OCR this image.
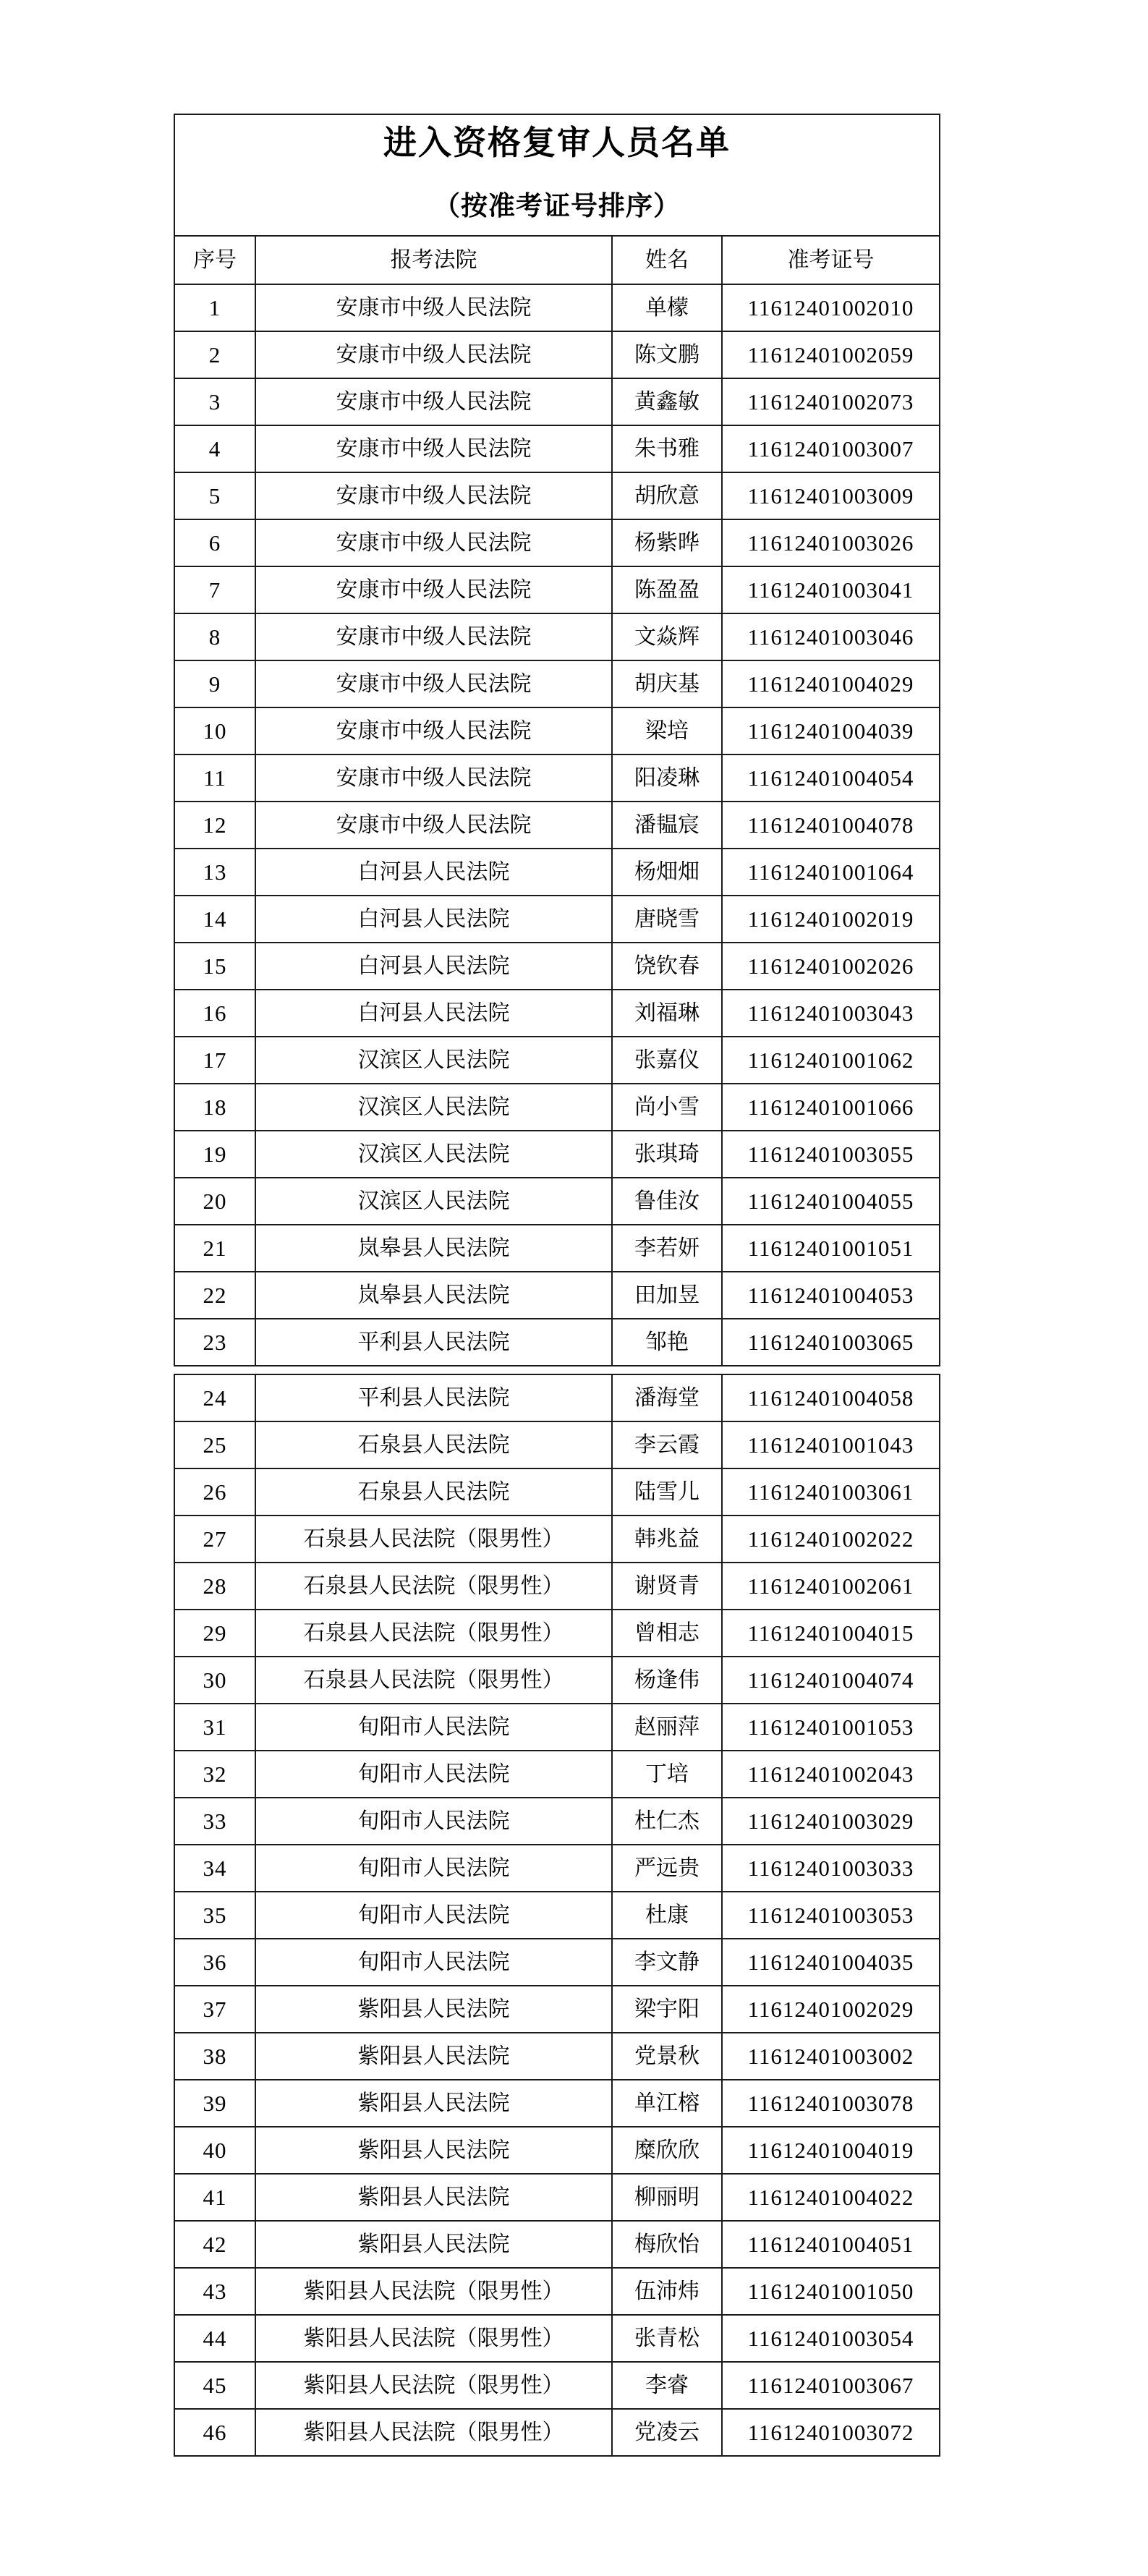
进入资格复审人员名单
（按准考证号排序）
序号	报考法院	姓名	准考证号
1	安康市中级人民法院	单檬	11612401002010
2	安康市中级人民法院	陈文鹏	11612401002059
3	安康市中级人民法院	黄鑫敏	11612401002073
4	安康市中级人民法院	朱书雅	11612401003007
5	安康市中级人民法院	胡欣意	11612401003009
6	安康市中级人民法院	杨紫晔	11612401003026
7	安康市中级人民法院	陈盈盈	11612401003041
8	安康市中级人民法院	文焱辉	11612401003046
9	安康市中级人民法院	胡庆基	11612401004029
10	安康市中级人民法院	梁培	11612401004039
11	安康市中级人民法院	阳凌琳	11612401004054
12	安康市中级人民法院	潘韫宸	11612401004078
13	白河县人民法院	杨畑畑	11612401001064
14	白河县人民法院	唐晓雪	11612401002019
15	白河县人民法院	饶钦春	11612401002026
16	白河县人民法院	刘福琳	11612401003043
17	汉滨区人民法院	张嘉仪	11612401001062
18	汉滨区人民法院	尚小雪	11612401001066
19	汉滨区人民法院	张琪琦	11612401003055
20	汉滨区人民法院	鲁佳汝	11612401004055
21	岚皋县人民法院	李若妍	11612401001051
22	岚皋县人民法院	田加昱	11612401004053
23	平利县人民法院	邹艳	11612401003065
24	平利县人民法院	潘海堂	11612401004058
25	石泉县人民法院	李云霞	11612401001043
26	石泉县人民法院	陆雪儿	11612401003061
27	石泉县人民法院（限男性）	韩兆益	11612401002022
28	石泉县人民法院（限男性）	谢贤青	11612401002061
29	石泉县人民法院（限男性）	曾相志	11612401004015
30	石泉县人民法院（限男性）	杨逢伟	11612401004074
31	旬阳市人民法院	赵丽萍	11612401001053
32	旬阳市人民法院	丁培	11612401002043
33	旬阳市人民法院	杜仁杰	11612401003029
34	旬阳市人民法院	严远贵	11612401003033
35	旬阳市人民法院	杜康	11612401003053
36	旬阳市人民法院	李文静	11612401004035
37	紫阳县人民法院	梁宇阳	11612401002029
38	紫阳县人民法院	党景秋	11612401003002
39	紫阳县人民法院	单江榕	11612401003078
40	紫阳县人民法院	糜欣欣	11612401004019
41	紫阳县人民法院	柳丽明	11612401004022
42	紫阳县人民法院	梅欣怡	11612401004051
43	紫阳县人民法院（限男性）	伍沛炜	11612401001050
44	紫阳县人民法院（限男性）	张青松	11612401003054
45	紫阳县人民法院（限男性）	李睿	11612401003067
46	紫阳县人民法院（限男性）	党凌云	11612401003072
